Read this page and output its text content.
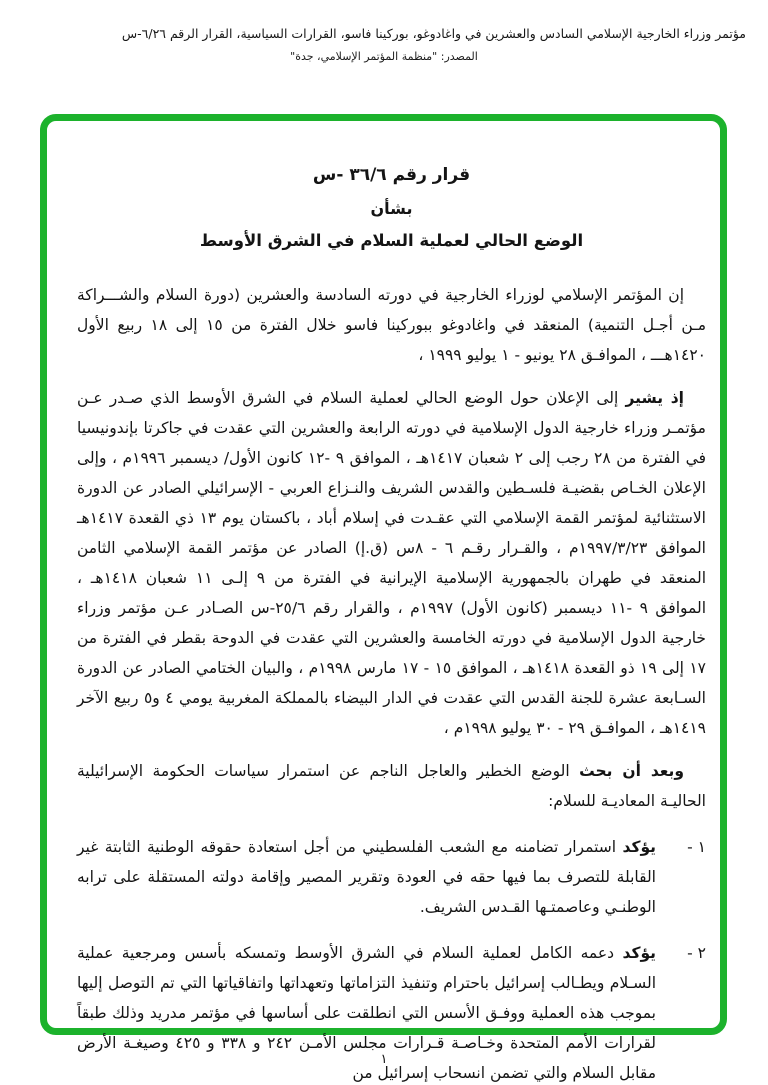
مؤتمر وزراء الخارجية الإسلامي السادس والعشرين في واغادوغو، بوركينا فاسو، القرارات السياسية، القرار الرقم ٦/٢٦-س
المصدر: "منظمة المؤتمر الإسلامي، جدة"
قرار رقم ٣٦/٦ -س
بشأن
الوضع الحالي لعملية السلام في الشرق الأوسط

إن المؤتمر الإسلامي لوزراء الخارجية في دورته السادسة والعشرين (دورة السلام والشـــراكة مـن أجـل التنمية) المنعقد في واغادوغو ببوركينا فاسو خلال الفترة من ١٥ إلى ١٨ ربيع الأول ١٤٢٠هـــ ، الموافـق ٢٨ يونيو - ١ يوليو ١٩٩٩ ،

إذ يشير إلى الإعلان حول الوضع الحالي لعملية السلام في الشرق الأوسط الذي صـدر عـن مؤتمـر وزراء خارجية الدول الإسلامية في دورته الرابعة والعشرين التي عقدت في جاكرتا بإندونيسيا في الفترة من ٢٨ رجب إلى ٢ شعبان ١٤١٧هـ ، الموافق ٩ -١٢ كانون الأول/ ديسمبر ١٩٩٦م ، وإلى الإعلان الخـاص بقضيـة فلسـطين والقدس الشريف والنـزاع العربي - الإسرائيلي الصادر عن الدورة الاستثنائية لمؤتمر القمة الإسلامي التي عقـدت في إسلام أباد ، باكستان يوم ١٣ ذي القعدة ١٤١٧هـ الموافق ١٩٩٧/٣/٢٣م ، والقـرار رقـم ٦ - ٨س (ق.إ) الصادر عن مؤتمر القمة الإسلامي الثامن المنعقد في طهران بالجمهورية الإسلامية الإيرانية في الفترة من ٩ إلـى ١١ شعبان ١٤١٨هـ ، الموافق ٩ -١١ ديسمبر (كانون الأول) ١٩٩٧م ، والقرار رقم ٢٥/٦-س الصـادر عـن مؤتمر وزراء خارجية الدول الإسلامية في دورته الخامسة والعشرين التي عقدت في الدوحة بقطر في الفترة من ١٧ إلى ١٩ ذو القعدة ١٤١٨هـ ، الموافق ١٥ - ١٧ مارس ١٩٩٨م ، والبيان الختامي الصادر عن الدورة السـابعة عشرة للجنة القدس التي عقدت في الدار البيضاء بالمملكة المغربية يومي ٤ و٥ ربيع الآخر ١٤١٩هـ ، الموافـق ٢٩ - ٣٠ يوليو ١٩٩٨م ،

وبعد أن بحث الوضع الخطير والعاجل الناجم عن استمرار سياسات الحكومة الإسرائيلية الحاليـة المعاديـة للسلام:

١ -

يؤكد استمرار تضامنه مع الشعب الفلسطيني من أجل استعادة حقوقه الوطنية الثابتة غير القابلة للتصرف بما فيها حقه في العودة وتقرير المصير وإقامة دولته المستقلة على ترابه الوطنـي وعاصمتـها القـدس الشريف.

٢ -

يؤكد دعمه الكامل لعملية السلام في الشرق الأوسط وتمسكه بأسس ومرجعية عملية السـلام ويطـالب إسرائيل باحترام وتنفيذ التزاماتها وتعهداتها واتفاقياتها التي تم التوصل إليها بموجب هذه العملية ووفـق الأسس التي انطلقت على أساسها في مؤتمر مدريد وذلك طبقاً لقرارات الأمم المتحدة وخـاصـة قـرارات مجلس الأمـن ٢٤٢ و ٣٣٨ و ٤٢٥ وصيغـة الأرض مقابل السلام والتي تضمن انسحاب إسرائيل من

١
